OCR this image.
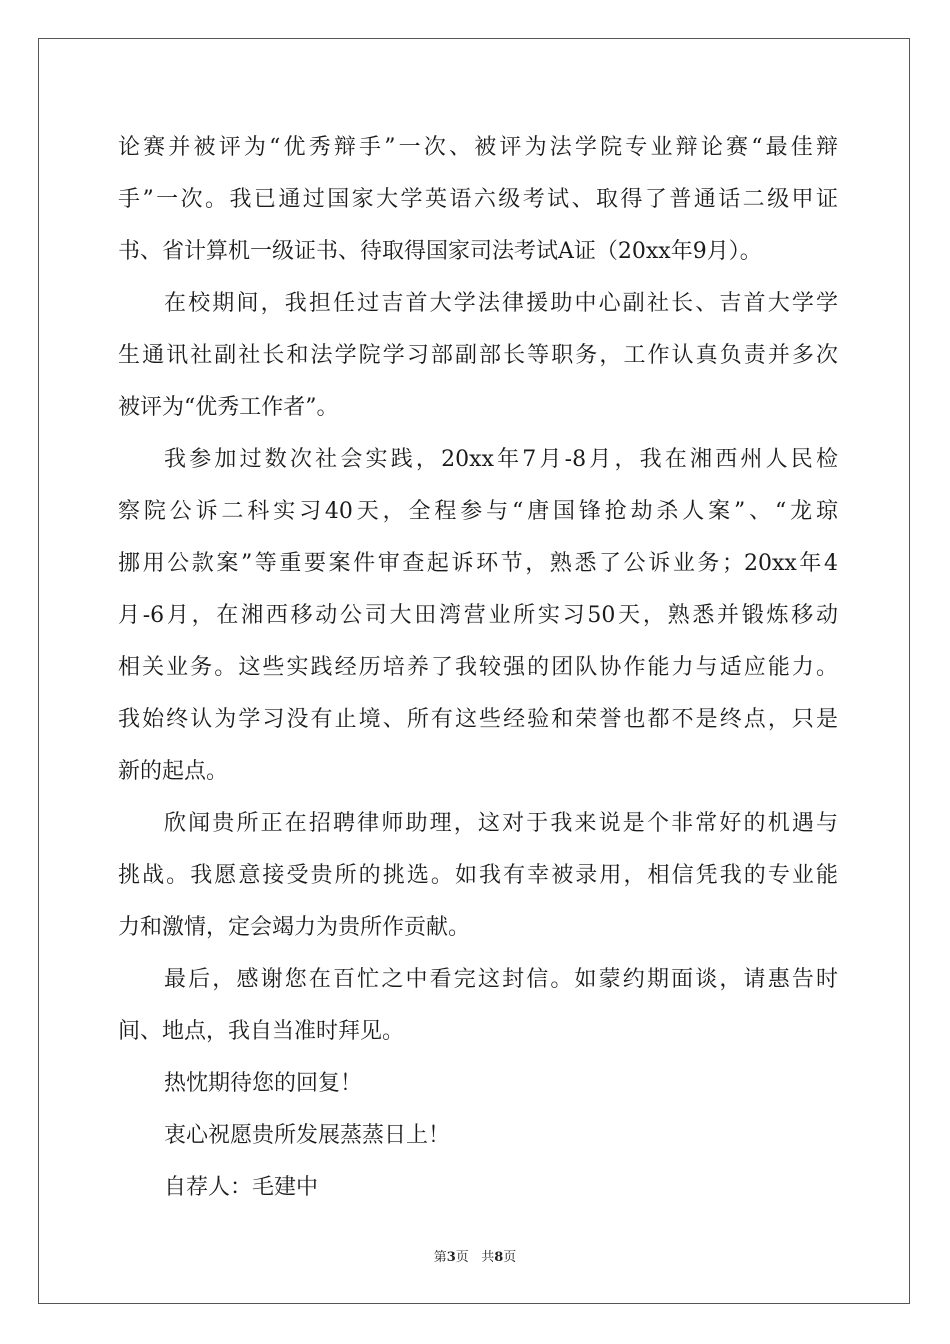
论赛并被评为“优秀辩手”一次、被评为法学院专业辩论赛“最佳辩
手”一次。我已通过国家大学英语六级考试、取得了普通话二级甲证
书、省计算机一级证书、待取得国家司法考试A证（20xx年9月）。
在校期间，我担任过吉首大学法律援助中心副社长、吉首大学学
生通讯社副社长和法学院学习部副部长等职务，工作认真负责并多次
被评为“优秀工作者”。
我参加过数次社会实践，20xx年7月-8月，我在湘西州人民检
察院公诉二科实习40天，全程参与“唐国锋抢劫杀人案”、“龙琼
挪用公款案”等重要案件审查起诉环节，熟悉了公诉业务；20xx年4
月-6月，在湘西移动公司大田湾营业所实习50天，熟悉并锻炼移动
相关业务。这些实践经历培养了我较强的团队协作能力与适应能力。
我始终认为学习没有止境、所有这些经验和荣誉也都不是终点，只是
新的起点。
欣闻贵所正在招聘律师助理，这对于我来说是个非常好的机遇与
挑战。我愿意接受贵所的挑选。如我有幸被录用，相信凭我的专业能
力和激情，定会竭力为贵所作贡献。
最后，感谢您在百忙之中看完这封信。如蒙约期面谈，请惠告时
间、地点，我自当准时拜见。
热忱期待您的回复！
衷心祝愿贵所发展蒸蒸日上！
自荐人：毛建中
第3页 共8页
